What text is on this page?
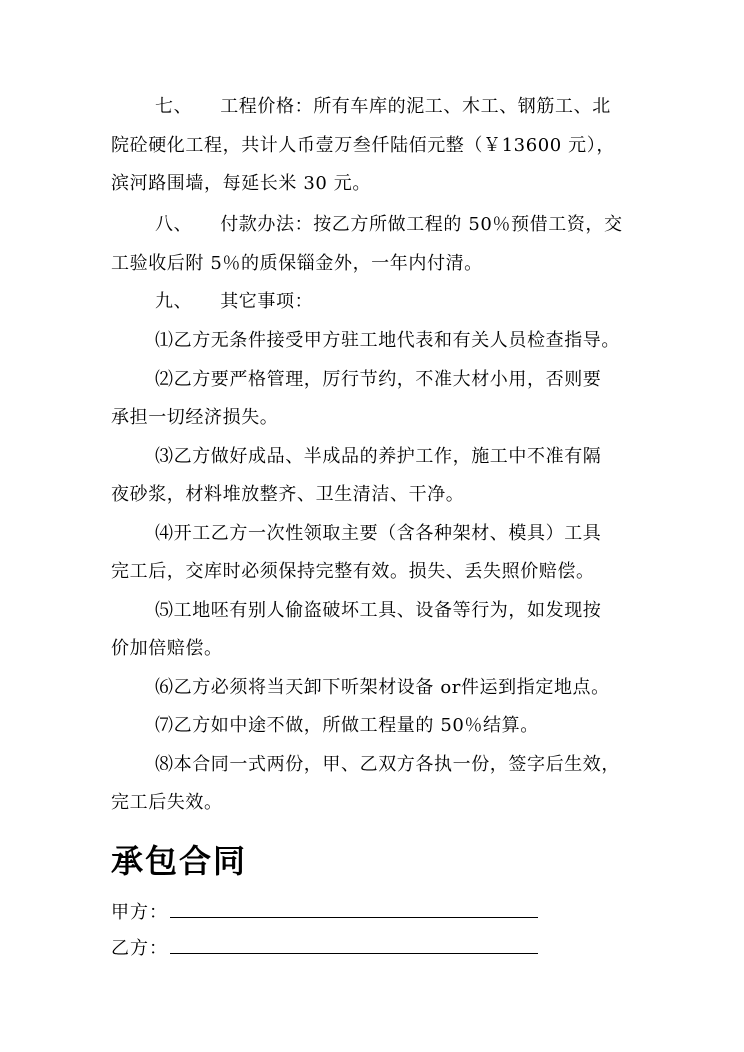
七、 工程价格：所有车库的泥工、木工、钢筋工、北
院砼硬化工程，共计人币壹万叁仟陆佰元整（￥13600 元），
滨河路围墙，每延长米 30 元。
八、 付款办法：按乙方所做工程的 50％预借工资，交
工验收后附 5％的质保锱金外，一年内付清。
九、 其它事项：
⑴乙方无条件接受甲方驻工地代表和有关人员检查指导。
⑵乙方要严格管理，厉行节约，不准大材小用，否则要
承担一切经济损失。
⑶乙方做好成品、半成品的养护工作，施工中不准有隔
夜砂浆，材料堆放整齐、卫生清洁、干净。
⑷开工乙方一次性领取主要（含各种架材、模具）工具
完工后，交库时必须保持完整有效。损失、丢失照价赔偿。
⑸工地呸有别人偷盗破坏工具、设备等行为，如发现按
价加倍赔偿。
⑹乙方必须将当天卸下听架材设备 or件运到指定地点。
⑺乙方如中途不做，所做工程量的 50％结算。
⑻本合同一式两份，甲、乙双方各执一份，签字后生效，
完工后失效。
承包合同
甲方：
乙方：
